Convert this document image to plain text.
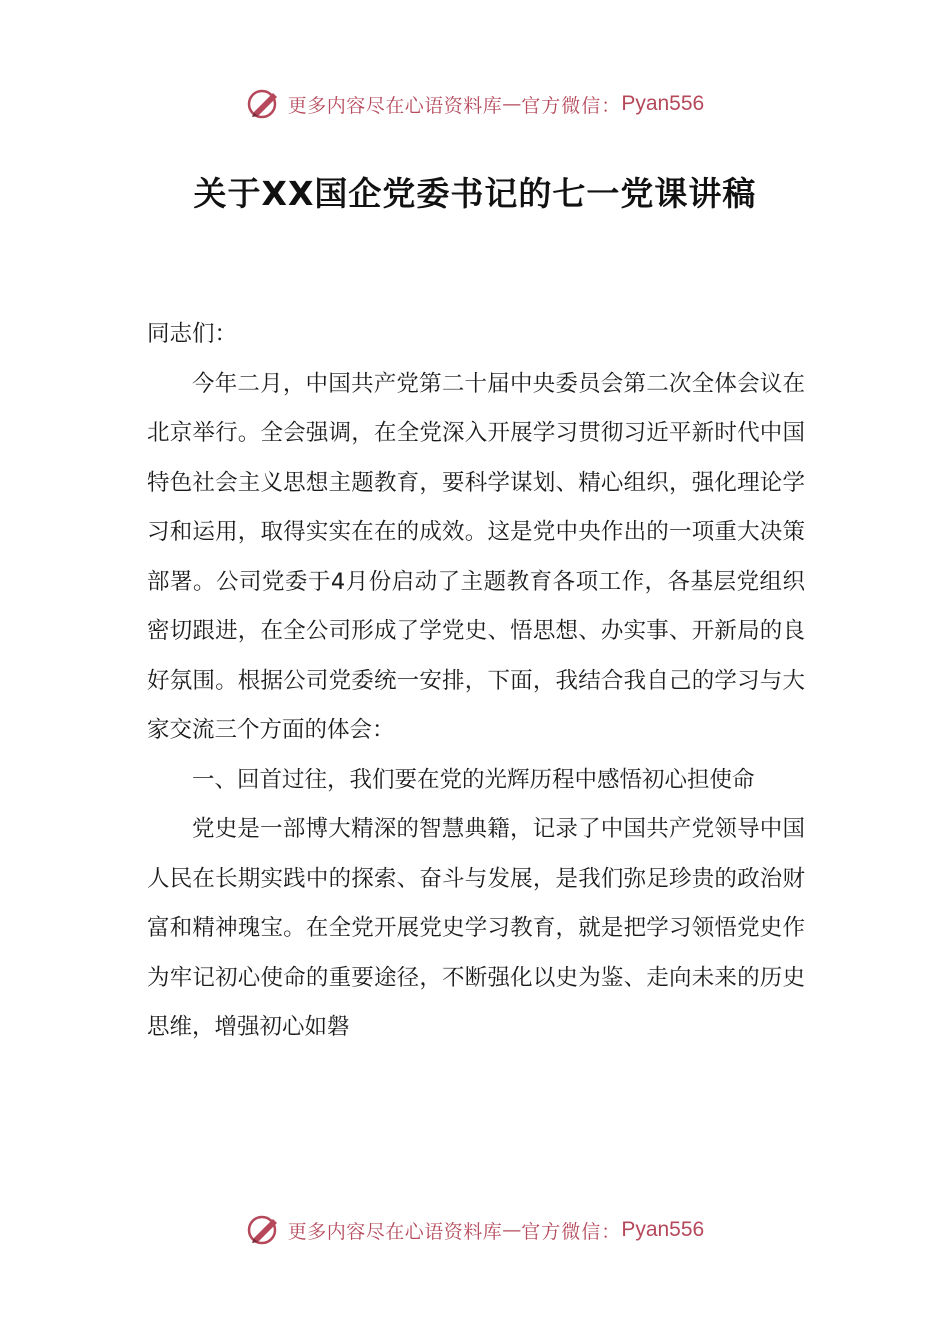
更多内容尽在心语资料库 — 官方微信： Pyan556
关于XX国企党委书记的七一党课讲稿

同志们：

今年二月，中国共产党第二十届中央委员会第二次全体会议在北京举行。全会强调，在全党深入开展学习贯彻习近平新时代中国特色社会主义思想主题教育，要科学谋划、精心组织，强化理论学习和运用，取得实实在在的成效。这是党中央作出的一项重大决策部署。公司党委于4月份启动了主题教育各项工作，各基层党组织密切跟进，在全公司形成了学党史、悟思想、办实事、开新局的良好氛围。根据公司党委统一安排，下面，我结合我自己的学习与大家交流三个方面的体会：

一、回首过往，我们要在党的光辉历程中感悟初心担使命

党史是一部博大精深的智慧典籍，记录了中国共产党领导中国人民在长期实践中的探索、奋斗与发展，是我们弥足珍贵的政治财富和精神瑰宝。在全党开展党史学习教育，就是把学习领悟党史作为牢记初心使命的重要途径，不断强化以史为鉴、走向未来的历史思维，增强初心如磐

更多内容尽在心语资料库 — 官方微信： Pyan556
